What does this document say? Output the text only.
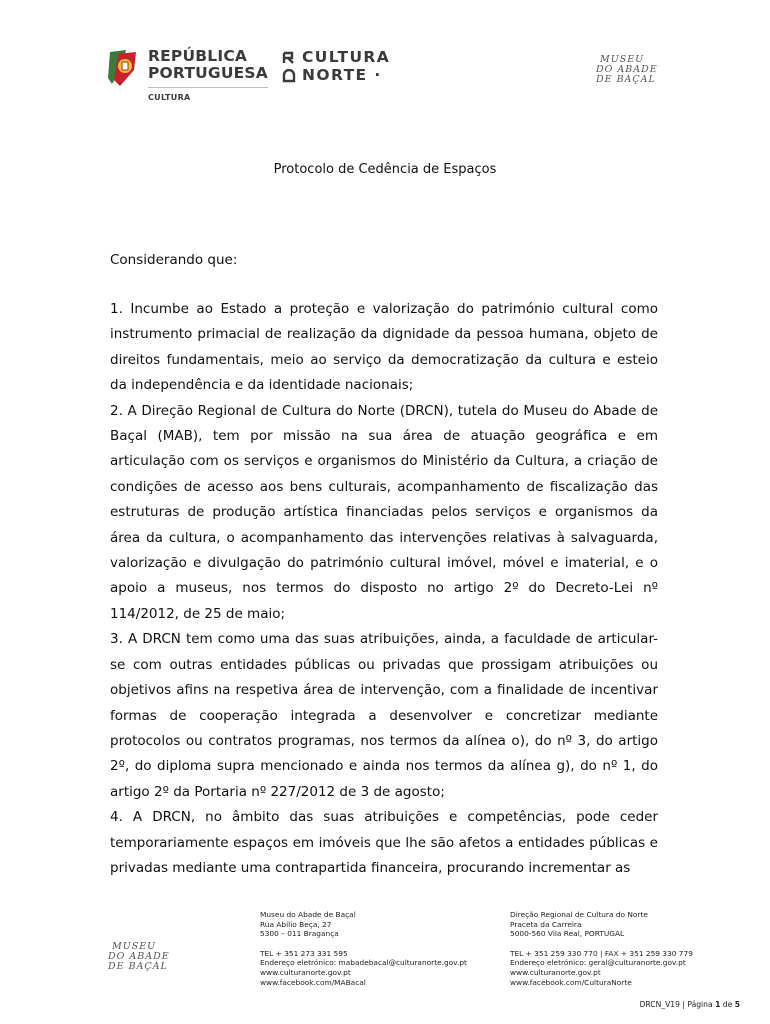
REPÚBLICA
PORTUGUESA
CULTURA
CULTURA
NORTE ·
MUSEU
DO ABADE
DE BAÇAL
Protocolo de Cedência de Espaços
Considerando que:

1. Incumbe ao Estado a proteção e valorização do património cultural como instrumento primacial de realização da dignidade da pessoa humana, objeto de direitos fundamentais, meio ao serviço da democratização da cultura e esteio da independência e da identidade nacionais;

2. A Direção Regional de Cultura do Norte (DRCN), tutela do Museu do Abade de Baçal (MAB), tem por missão na sua área de atuação geográfica e em articulação com os serviços e organismos do Ministério da Cultura, a criação de condições de acesso aos bens culturais, acompanhamento de fiscalização das estruturas de produção artística financiadas pelos serviços e organismos da área da cultura, o acompanhamento das intervenções relativas à salvaguarda, valorização e divulgação do património cultural imóvel, móvel e imaterial, e o apoio a museus, nos termos do disposto no artigo 2º do Decreto-Lei nº 114/2012, de 25 de maio;

3. A DRCN tem como uma das suas atribuições, ainda, a faculdade de articular-se com outras entidades públicas ou privadas que prossigam atribuições ou objetivos afins na respetiva área de intervenção, com a finalidade de incentivar formas de cooperação integrada a desenvolver e concretizar mediante protocolos ou contratos programas, nos termos da alínea o), do nº 3, do artigo 2º, do diploma supra mencionado e ainda nos termos da alínea g), do nº 1, do artigo 2º da Portaria nº 227/2012 de 3 de agosto;

4. A DRCN, no âmbito das suas atribuições e competências, pode ceder temporariamente espaços em imóveis que lhe são afetos a entidades públicas e privadas mediante uma contrapartida financeira, procurando incrementar as

MUSEU
DO ABADE
DE BAÇAL
Museu do Abade de Baçal
Rua Abílio Beça, 27
5300 – 011 Bragança
TEL + 351 273 331 595
Endereço eletrónico: mabadebacal@culturanorte.gov.pt
www.culturanorte.gov.pt
www.facebook.com/MABacal
Direção Regional de Cultura do Norte
Praceta da Carreira
5000-560 Vila Real, PORTUGAL
TEL + 351 259 330 770 | FAX + 351 259 330 779
Endereço eletrónico: geral@culturanorte.gov.pt
www.culturanorte.gov.pt
www.facebook.com/CulturaNorte
DRCN_V19 | Página 1 de 5
